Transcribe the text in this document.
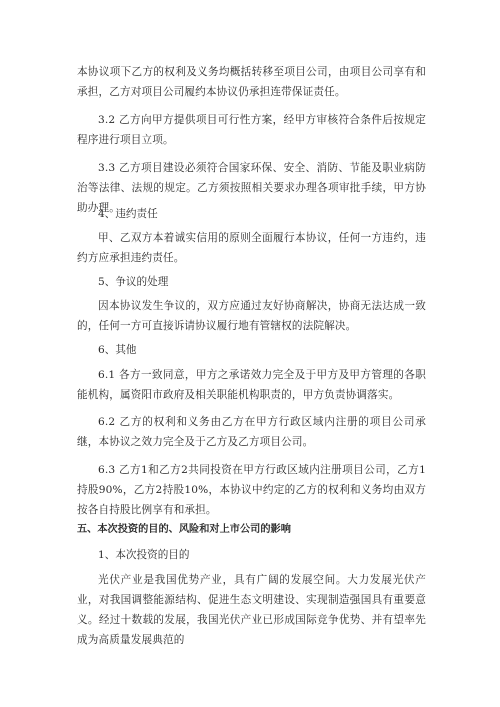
本协议项下乙方的权利及义务均概括转移至项目公司，由项目公司享有和承担，乙方对项目公司履约本协议仍承担连带保证责任。

3.2 乙方向甲方提供项目可行性方案，经甲方审核符合条件后按规定程序进行项目立项。

3.3 乙方项目建设必须符合国家环保、安全、消防、节能及职业病防治等法律、法规的规定。乙方须按照相关要求办理各项审批手续，甲方协助办理。

4、违约责任

甲、乙双方本着诚实信用的原则全面履行本协议，任何一方违约，违约方应承担违约责任。

5、争议的处理

因本协议发生争议的，双方应通过友好协商解决，协商无法达成一致的，任何一方可直接诉请协议履行地有管辖权的法院解决。

6、其他

6.1 各方一致同意，甲方之承诺效力完全及于甲方及甲方管理的各职能机构，属资阳市政府及相关职能机构职责的，甲方负责协调落实。

6.2 乙方的权利和义务由乙方在甲方行政区域内注册的项目公司承继，本协议之效力完全及于乙方及乙方项目公司。

6.3 乙方1和乙方2共同投资在甲方行政区域内注册项目公司，乙方1持股90%，乙方2持股10%，本协议中约定的乙方的权利和义务均由双方按各自持股比例享有和承担。

五、本次投资的目的、风险和对上市公司的影响

1、本次投资的目的

光伏产业是我国优势产业，具有广阔的发展空间。大力发展光伏产业，对我国调整能源结构、促进生态文明建设、实现制造强国具有重要意义。经过十数载的发展，我国光伏产业已形成国际竞争优势、并有望率先成为高质量发展典范的
